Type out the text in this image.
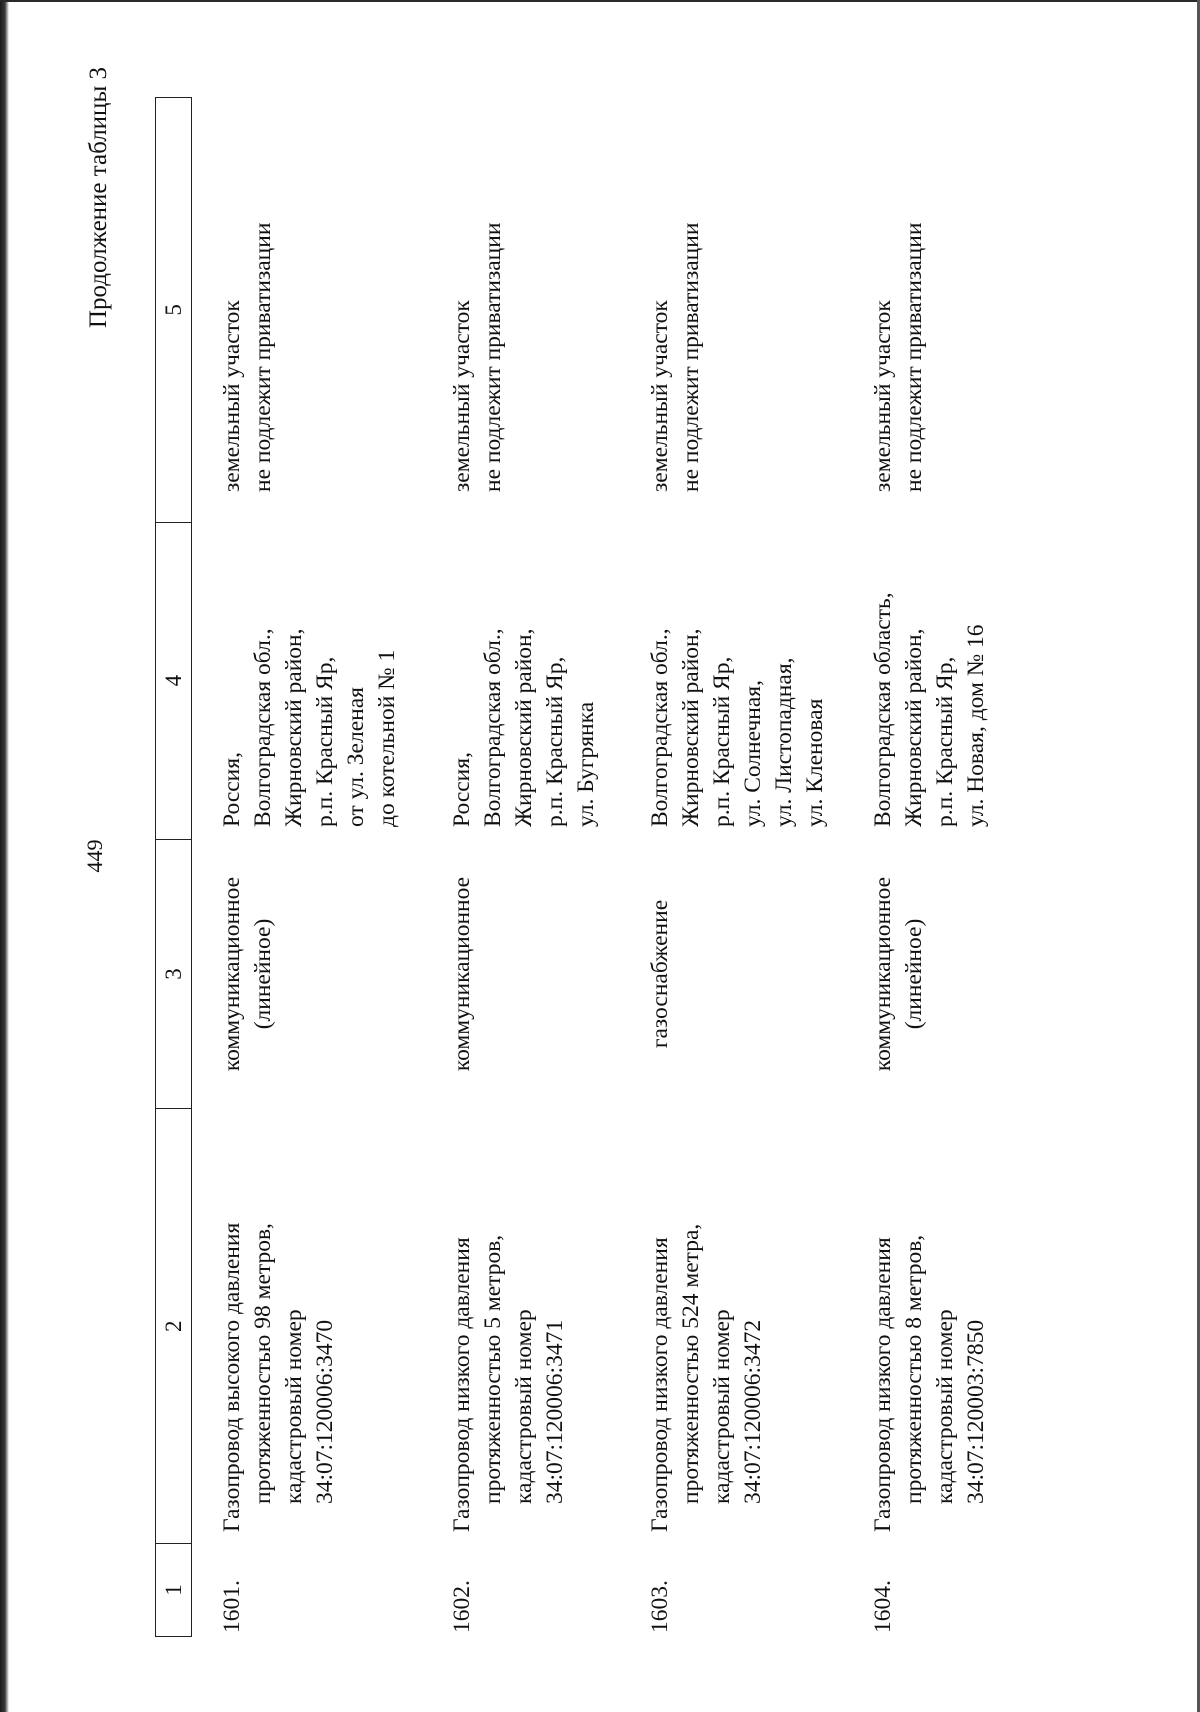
449
Продолжение таблицы 3
1
2
3
4
5
1601.
Газопровод высокого давления протяженностью 98 метров, кадастровый номер 34:07:120006:3470
коммуникационное (линейное)
Россия, Волгоградская обл., Жирновский район, р.п. Красный Яр, от ул. Зеленая до котельной № 1
земельный участок не подлежит приватизации
1602.
Газопровод низкого давления протяженностью 5 метров, кадастровый номер 34:07:120006:3471
коммуникационное
Россия, Волгоградская обл., Жирновский район, р.п. Красный Яр, ул. Бугрянка
земельный участок не подлежит приватизации
1603.
Газопровод низкого давления протяженностью 524 метра, кадастровый номер 34:07:120006:3472
газоснабжение
Волгоградская обл., Жирновский район, р.п. Красный Яр, ул. Солнечная, ул. Листопадная, ул. Кленовая
земельный участок не подлежит приватизации
1604.
Газопровод низкого давления протяженностью 8 метров, кадастровый номер 34:07:120003:7850
коммуникационное (линейное)
Волгоградская область, Жирновский район, р.п. Красный Яр, ул. Новая, дом № 16
земельный участок не подлежит приватизации
